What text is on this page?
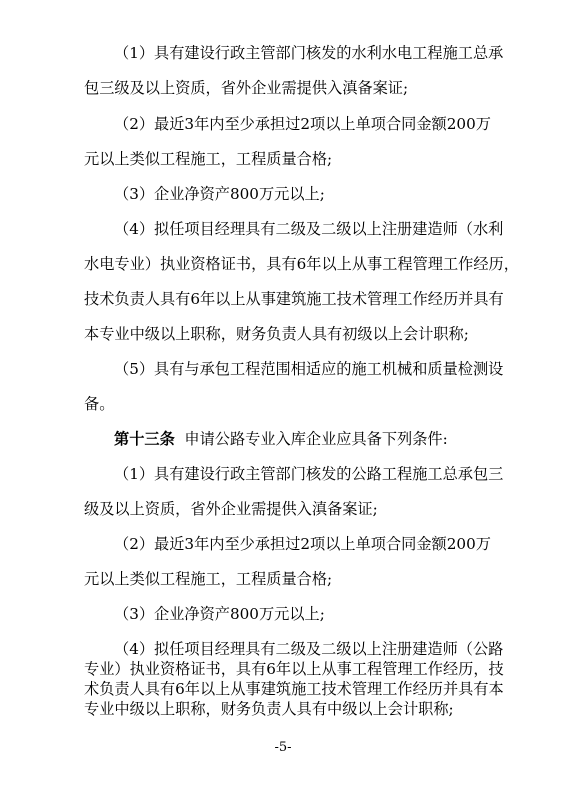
（1）具有建设行政主管部门核发的水利水电工程施工总承
包三级及以上资质，省外企业需提供入滇备案证;
（2）最近3年内至少承担过2项以上单项合同金额200万
元以上类似工程施工，工程质量合格;
（3）企业净资产800万元以上;
（4）拟任项目经理具有二级及二级以上注册建造师（水利
水电专业）执业资格证书，具有6年以上从事工程管理工作经历，
技术负责人具有6年以上从事建筑施工技术管理工作经历并具有
本专业中级以上职称，财务负责人具有初级以上会计职称;
（5）具有与承包工程范围相适应的施工机械和质量检测设
备。
第十三条 申请公路专业入库企业应具备下列条件:
（1）具有建设行政主管部门核发的公路工程施工总承包三
级及以上资质，省外企业需提供入滇备案证;
（2）最近3年内至少承担过2项以上单项合同金额200万
元以上类似工程施工，工程质量合格;
（3）企业净资产800万元以上;
（4）拟任项目经理具有二级及二级以上注册建造师（公路
专业）执业资格证书，具有6年以上从事工程管理工作经历，技
术负责人具有6年以上从事建筑施工技术管理工作经历并具有本
专业中级以上职称，财务负责人具有中级以上会计职称;
-5-
